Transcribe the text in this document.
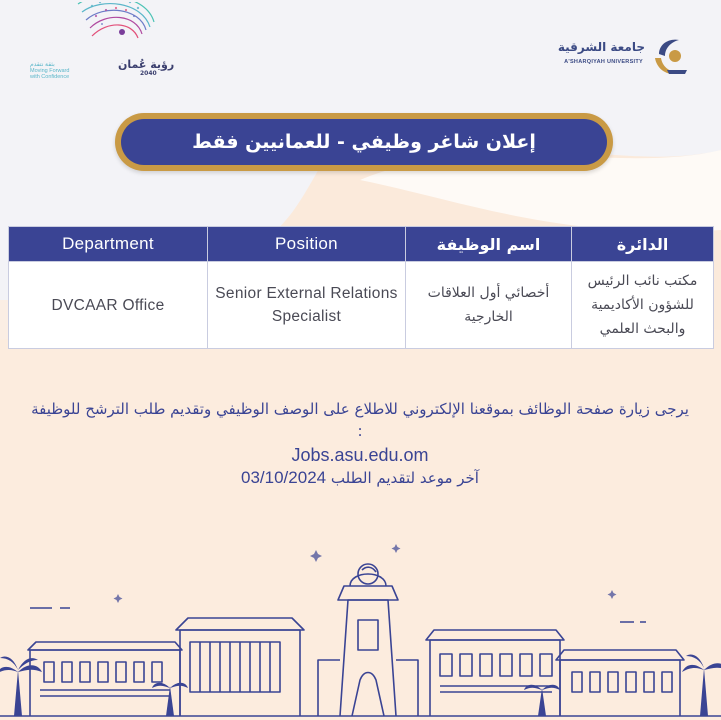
بثقة نتقدم
Moving Forward
with Confidence
رؤية عُمان
2040
جامعة الشرقية
A'SHARQIYAH UNIVERSITY
إعلان شاغر وظيفي - للعمانيين فقط
Department	Position	اسم الوظيفة	الدائرة
DVCAAR Office	Senior External Relations Specialist	أخصائي أول العلاقات الخارجية	مكتب نائب الرئيس للشؤون الأكاديمية والبحث العلمي
يرجى زيارة صفحة الوظائف بموقعنا الإلكتروني للاطلاع على الوصف الوظيفي وتقديم طلب الترشح للوظيفة :
Jobs.asu.edu.om
آخر موعد لتقديم الطلب 03/10/2024
